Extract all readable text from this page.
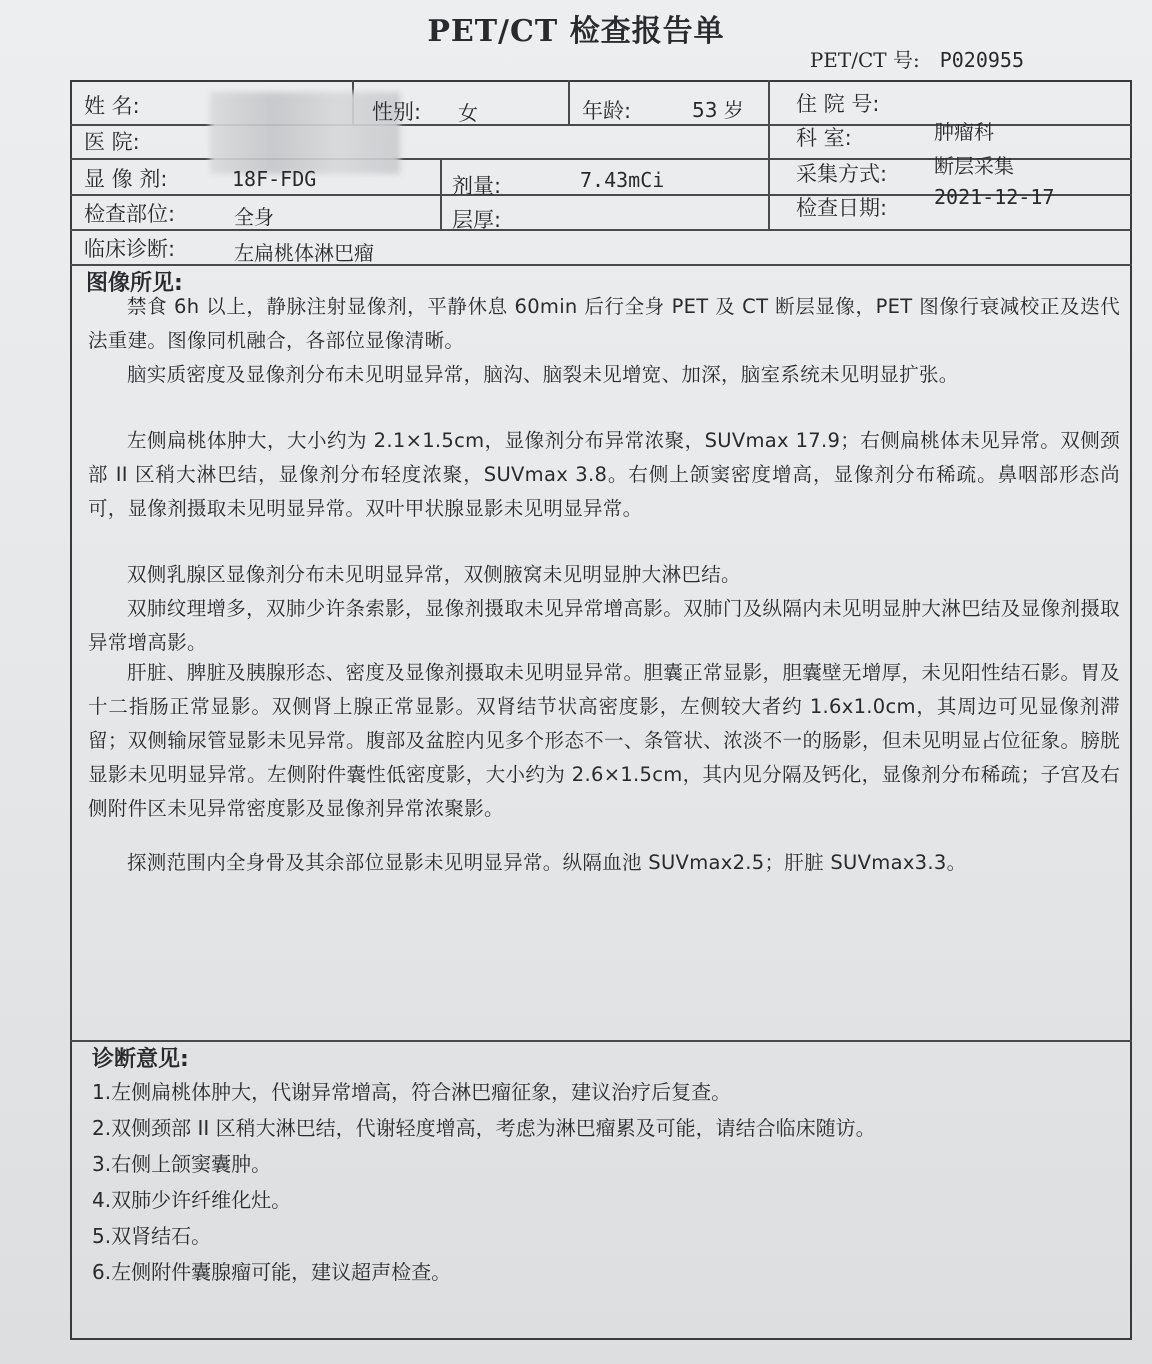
PET/CT 检查报告单
PET/CT 号: P020955
姓 名:	性别: 女	年龄:	53 岁 住 院 号:
医 院:	科 室:	肿瘤科
显 像 剂:	18F-FDG	剂量:	7.43mCi	采集方式: 断层采集
检查部位:	全身	层厚:	检查日期: 2021-12-17
临床诊断:	左扁桃体淋巴瘤
图像所见:

禁食 6h 以上，静脉注射显像剂，平静休息 60min 后行全身 PET 及 CT 断层显像，PET 图像行衰减校正及迭代法重建。图像同机融合，各部位显像清晰。

脑实质密度及显像剂分布未见明显异常，脑沟、脑裂未见增宽、加深，脑室系统未见明显扩张。

左侧扁桃体肿大，大小约为 2.1×1.5cm，显像剂分布异常浓聚，SUVmax 17.9；右侧扁桃体未见异常。双侧颈部 II 区稍大淋巴结，显像剂分布轻度浓聚，SUVmax 3.8。右侧上颌窦密度增高，显像剂分布稀疏。鼻咽部形态尚可，显像剂摄取未见明显异常。双叶甲状腺显影未见明显异常。

双侧乳腺区显像剂分布未见明显异常，双侧腋窝未见明显肿大淋巴结。

双肺纹理增多，双肺少许条索影，显像剂摄取未见异常增高影。双肺门及纵隔内未见明显肿大淋巴结及显像剂摄取异常增高影。

肝脏、脾脏及胰腺形态、密度及显像剂摄取未见明显异常。胆囊正常显影，胆囊壁无增厚，未见阳性结石影。胃及十二指肠正常显影。双侧肾上腺正常显影。双肾结节状高密度影，左侧较大者约 1.6x1.0cm，其周边可见显像剂滞留；双侧输尿管显影未见异常。腹部及盆腔内见多个形态不一、条管状、浓淡不一的肠影，但未见明显占位征象。膀胱显影未见明显异常。左侧附件囊性低密度影，大小约为 2.6×1.5cm，其内见分隔及钙化，显像剂分布稀疏；子宫及右侧附件区未见异常密度影及显像剂异常浓聚影。

探测范围内全身骨及其余部位显影未见明显异常。纵隔血池 SUVmax2.5；肝脏 SUVmax3.3。

诊断意见:
1.左侧扁桃体肿大，代谢异常增高，符合淋巴瘤征象，建议治疗后复查。
2.双侧颈部 II 区稍大淋巴结，代谢轻度增高，考虑为淋巴瘤累及可能，请结合临床随访。
3.右侧上颌窦囊肿。
4.双肺少许纤维化灶。
5.双肾结石。
6.左侧附件囊腺瘤可能，建议超声检查。
